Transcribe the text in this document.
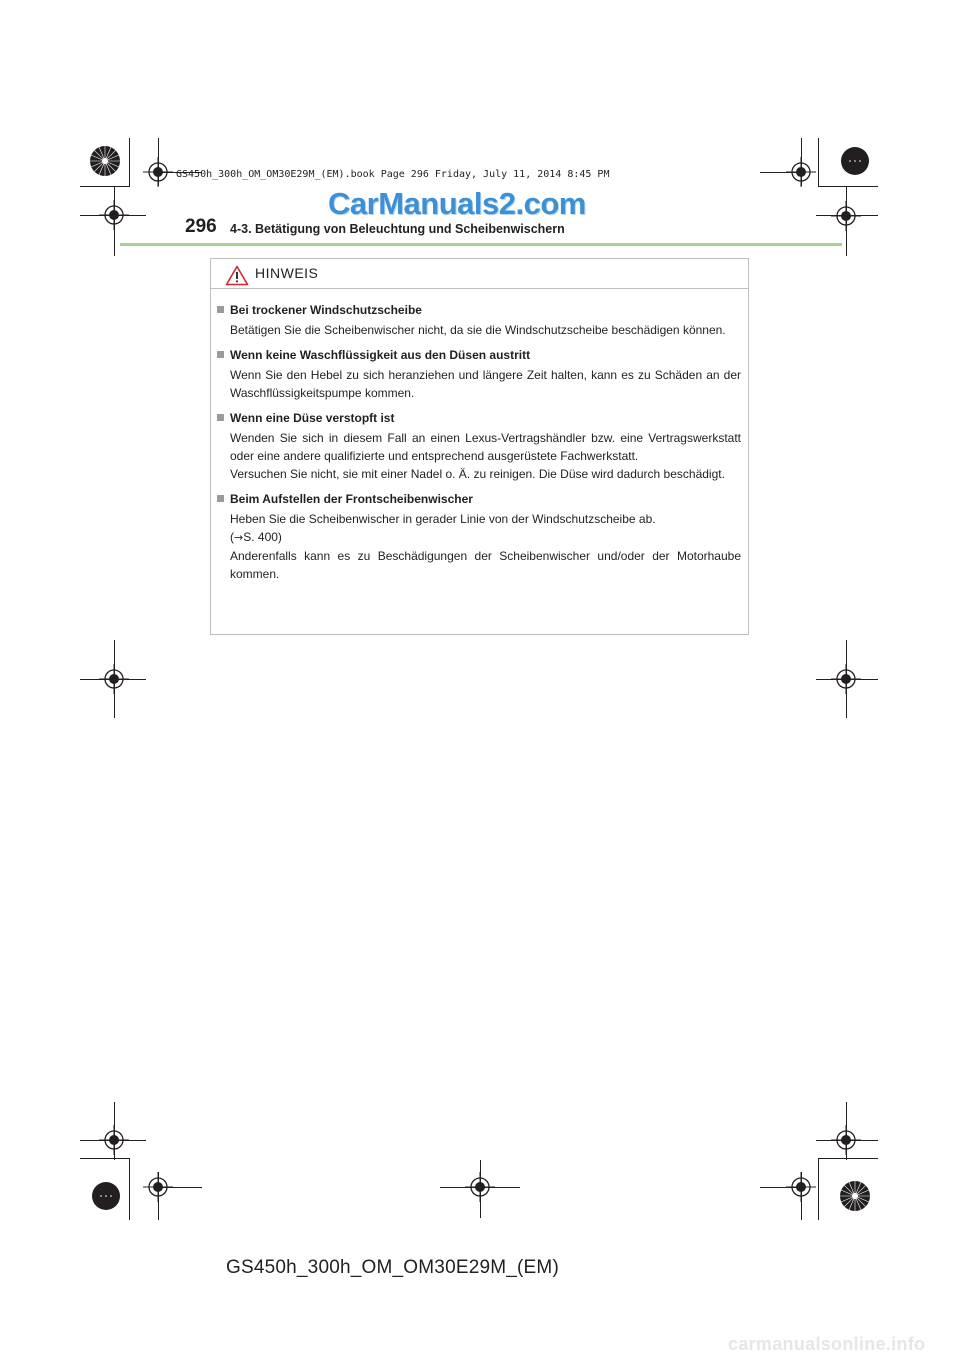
GS450h_300h_OM_OM30E29M_(EM).book Page 296 Friday, July 11, 2014 8:45 PM
CarManuals2.com
296 4-3. Betätigung von Beleuchtung und Scheibenwischern
HINWEIS
Bei trockener Windschutzscheibe

Betätigen Sie die Scheibenwischer nicht, da sie die Windschutzscheibe beschädigen können.

Wenn keine Waschflüssigkeit aus den Düsen austritt

Wenn Sie den Hebel zu sich heranziehen und längere Zeit halten, kann es zu Schäden an der Waschflüssigkeitspumpe kommen.

Wenn eine Düse verstopft ist

Wenden Sie sich in diesem Fall an einen Lexus-Vertragshändler bzw. eine Vertragswerkstatt oder eine andere qualifizierte und entsprechend ausgerüstete Fachwerkstatt.

Versuchen Sie nicht, sie mit einer Nadel o. Ä. zu reinigen. Die Düse wird dadurch beschädigt.

Beim Aufstellen der Frontscheibenwischer

Heben Sie die Scheibenwischer in gerader Linie von der Windschutzscheibe ab.

(→S. 400)

Anderenfalls kann es zu Beschädigungen der Scheibenwischer und/oder der Motorhaube kommen.

GS450h_300h_OM_OM30E29M_(EM)
carmanualsonline.info
